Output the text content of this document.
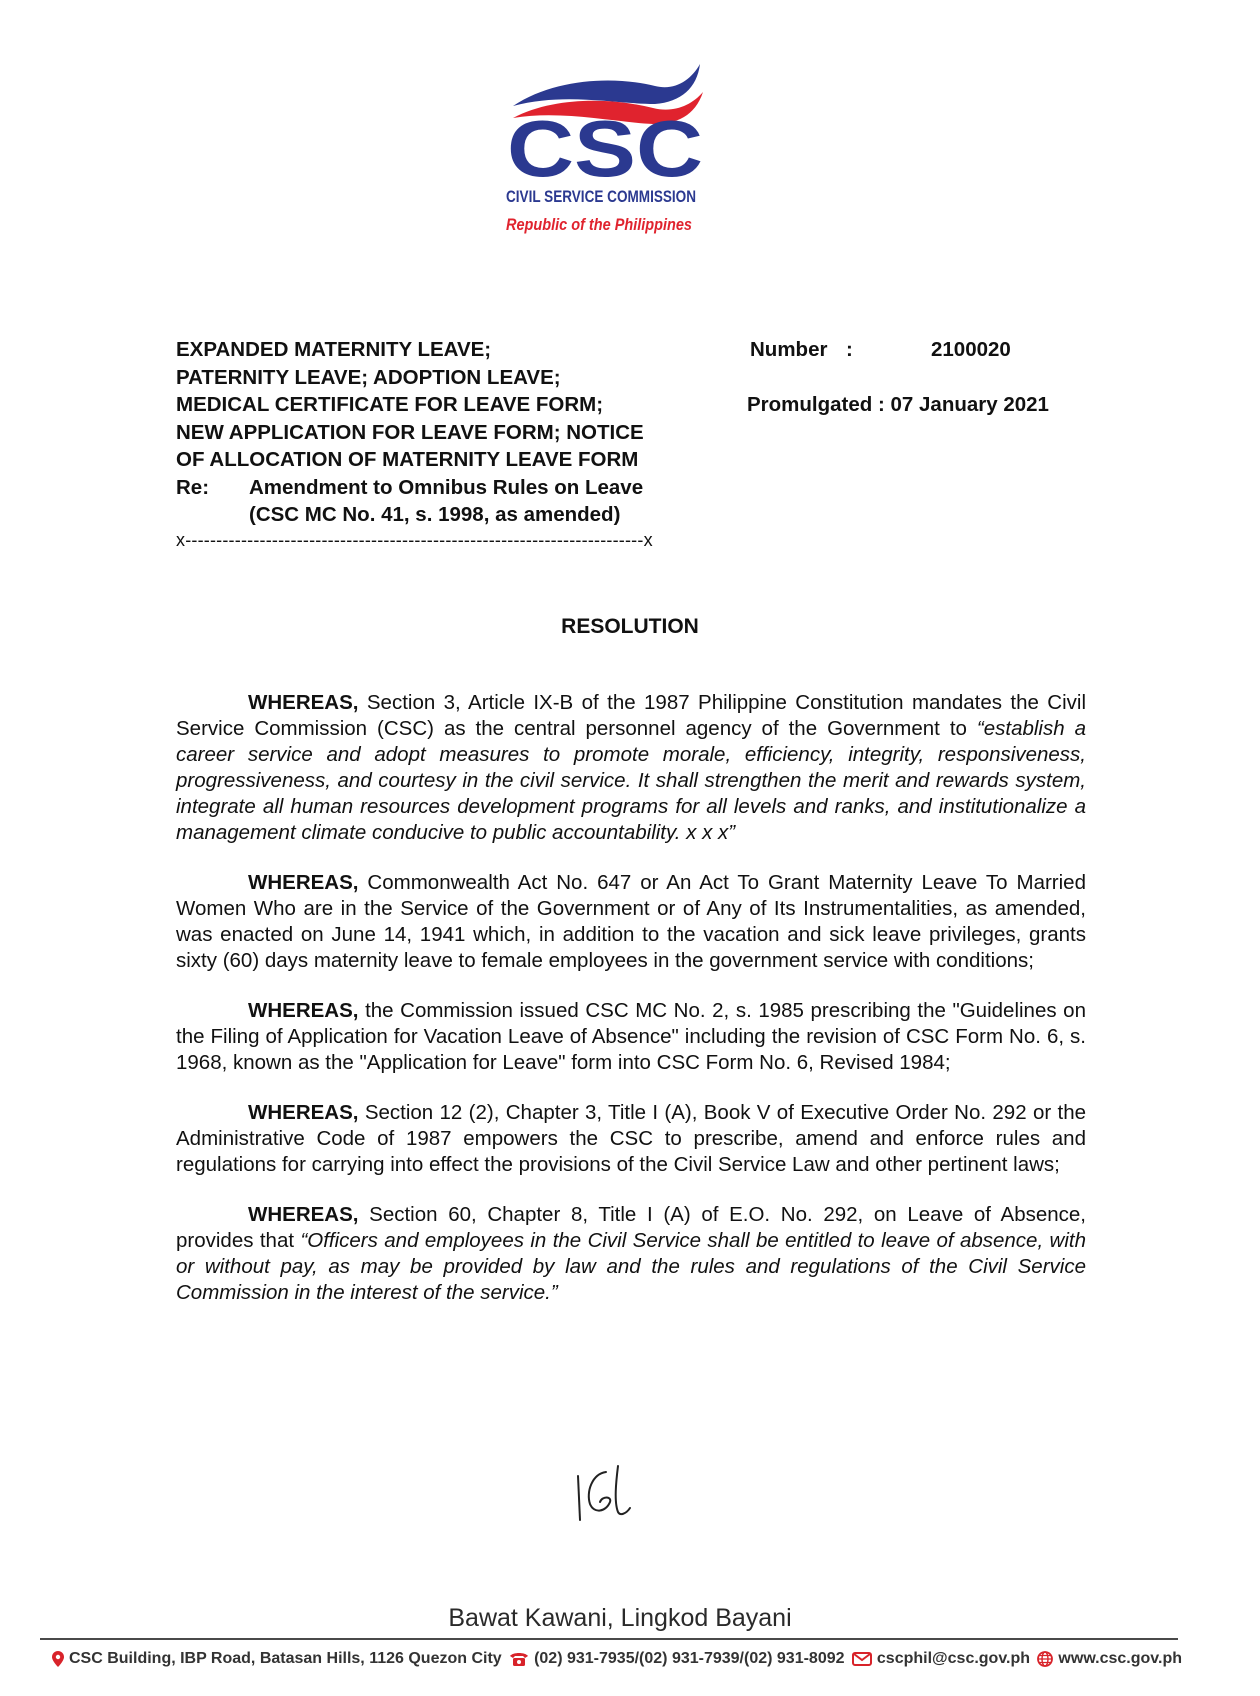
CSC
CIVIL SERVICE COMMISSION
Republic of the Philippines
EXPANDED MATERNITY LEAVE;
PATERNITY LEAVE; ADOPTION LEAVE;
MEDICAL CERTIFICATE FOR LEAVE FORM;
NEW APPLICATION FOR LEAVE FORM; NOTICE
OF ALLOCATION OF MATERNITY LEAVE FORM
Re:	Amendment to Omnibus Rules on Leave
(CSC MC No. 41, s. 1998, as amended)
x--------------------------------------------------------------------------x
Number :	2100020
Promulgated :
07 January 2021
RESOLUTION

WHEREAS, Section 3, Article IX-B of the 1987 Philippine Constitution mandates the Civil Service Commission (CSC) as the central personnel agency of the Government to “establish a career service and adopt measures to promote morale, efficiency, integrity, responsiveness, progressiveness, and courtesy in the civil service. It shall strengthen the merit and rewards system, integrate all human resources development programs for all levels and ranks, and institutionalize a management climate conducive to public accountability. x x x”

WHEREAS, Commonwealth Act No. 647 or An Act To Grant Maternity Leave To Married Women Who are in the Service of the Government or of Any of Its Instrumentalities, as amended, was enacted on June 14, 1941 which, in addition to the vacation and sick leave privileges, grants sixty (60) days maternity leave to female employees in the government service with conditions;

WHEREAS, the Commission issued CSC MC No. 2, s. 1985 prescribing the "Guidelines on the Filing of Application for Vacation Leave of Absence" including the revision of CSC Form No. 6, s. 1968, known as the "Application for Leave" form into CSC Form No. 6, Revised 1984;

WHEREAS, Section 12 (2), Chapter 3, Title I (A), Book V of Executive Order No. 292 or the Administrative Code of 1987 empowers the CSC to prescribe, amend and enforce rules and regulations for carrying into effect the provisions of the Civil Service Law and other pertinent laws;

WHEREAS, Section 60, Chapter 8, Title I (A) of E.O. No. 292, on Leave of Absence, provides that “Officers and employees in the Civil Service shall be entitled to leave of absence, with or without pay, as may be provided by law and the rules and regulations of the Civil Service Commission in the interest of the service.”

Bawat Kawani, Lingkod Bayani
CSC Building, IBP Road, Batasan Hills, 1126 Quezon City (02) 931-7935/(02) 931-7939/(02) 931-8092 cscphil@csc.gov.ph www.csc.gov.ph
